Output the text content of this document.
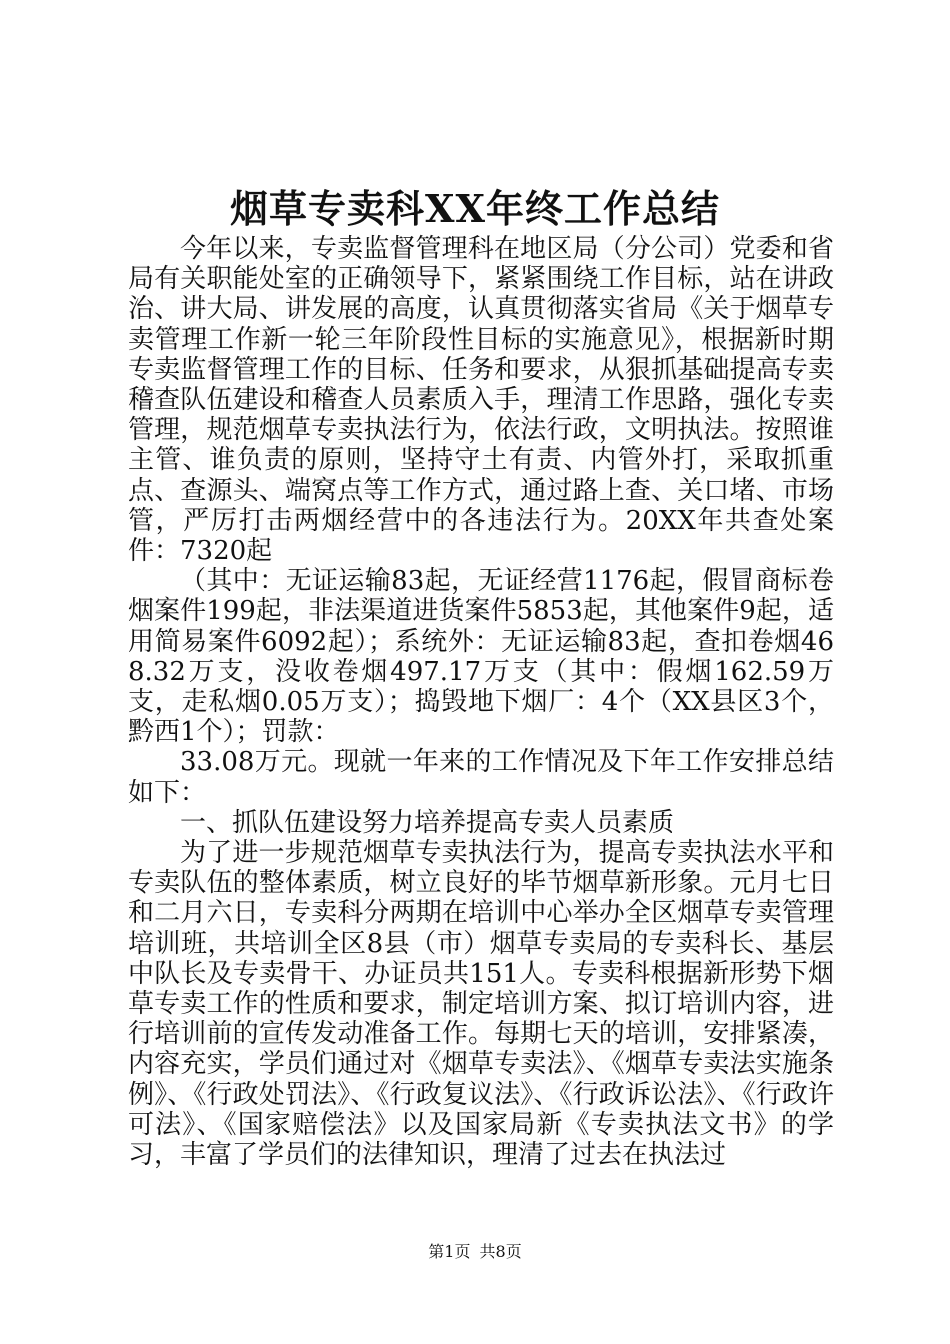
烟草专卖科XX年终工作总结

今年以来，专卖监督管理科在地区局（分公司）党委和省局有关职能处室的正确领导下，紧紧围绕工作目标，站在讲政治、讲大局、讲发展的高度，认真贯彻落实省局《关于烟草专卖管理工作新一轮三年阶段性目标的实施意见》，根据新时期专卖监督管理工作的目标、任务和要求，从狠抓基础提高专卖稽查队伍建设和稽查人员素质入手，理清工作思路，强化专卖管理，规范烟草专卖执法行为，依法行政，文明执法。按照谁主管、谁负责的原则，坚持守土有责、内管外打，采取抓重点、查源头、端窝点等工作方式，通过路上查、关口堵、市场管，严厉打击两烟经营中的各违法行为。20XX年共查处案件：7320起

（其中：无证运输83起，无证经营1176起，假冒商标卷烟案件199起，非法渠道进货案件5853起，其他案件9起，适用简易案件6092起）；系统外：无证运输83起，查扣卷烟468.32万支，没收卷烟497.17万支（其中：假烟162.59万支，走私烟0.05万支）；捣毁地下烟厂：4个（XX县区3个，黔西1个）；罚款：

33.08万元。现就一年来的工作情况及下年工作安排总结如下：

一、抓队伍建设努力培养提高专卖人员素质

为了进一步规范烟草专卖执法行为，提高专卖执法水平和专卖队伍的整体素质，树立良好的毕节烟草新形象。元月七日和二月六日，专卖科分两期在培训中心举办全区烟草专卖管理培训班，共培训全区8县（市）烟草专卖局的专卖科长、基层中队长及专卖骨干、办证员共151人。专卖科根据新形势下烟草专卖工作的性质和要求，制定培训方案、拟订培训内容，进行培训前的宣传发动准备工作。每期七天的培训，安排紧凑，内容充实，学员们通过对《烟草专卖法》、《烟草专卖法实施条例》、《行政处罚法》、《行政复议法》、《行政诉讼法》、《行政许可法》、《国家赔偿法》以及国家局新《专卖执法文书》的学习，丰富了学员们的法律知识，理清了过去在执法过

第1页 共8页
